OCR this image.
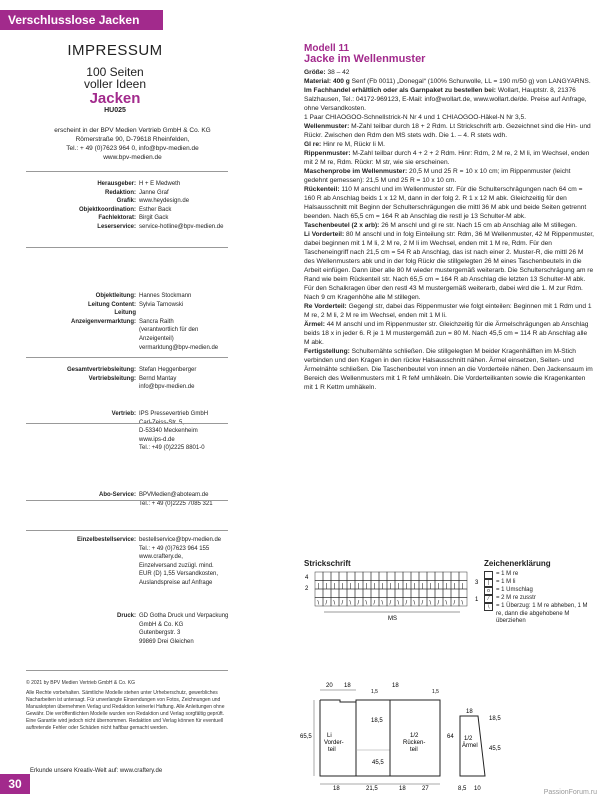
Verschlusslose Jacken
IMPRESSUM
100 Seiten
voller Ideen
Jacken
HU025
erscheint in der BPV Medien Vertrieb GmbH & Co. KG
Römerstraße 90, D-79618 Rheinfelden,
Tel.: + 49 (0)7623 964 0, info@bpv-medien.de
www.bpv-medien.de
Herausgeber: H + E Medweth
Redaktion: Janne Graf
Grafik: www.heydesign.de
Objektkoordination: Esther Back
Fachlektorat: Birgit Gack
Leserservice: service-hotline@bpv-medien.de
Objektleitung: Hannes Stockmann
Leitung Content: Sylvia Tarnowski
Leitung
Anzeigenvermarktung: Sancra Raith
(verantwortlich für den
Anzeigenteil)
vermarktung@bpv-medien.de
Gesamtvertriebsleitung: Stefan Heggenberger
Vertriebsleitung: Bernd Mantay
info@bpv-medien.de
Vertrieb: IPS Pressevertrieb GmbH
Carl-Zeiss-Str. 5,
D-53340 Meckenheim
www.ips-d.de
Tel.: +49 (0)2225 8801-0
Abo-Service: BPVMedien@aboteam.de
Tel.: + 49 (0)2225 7085 321
Einzelbestellservice: bestellservice@bpv-medien.de
Tel.: + 49 (0)7623 964 155
www.craftery.de,
Einzelversand zuzügl. mind.
EUR (D) 1,55 Versandkosten,
Auslandspreise auf Anfrage
Druck: GD Gotha Druck und Verpackung
GmbH & Co. KG
Gutenbergstr. 3
99869 Drei Gleichen
© 2021 by BPV Medien Vertrieb GmbH & Co. KG
Alle Rechte vorbehalten. Sämtliche Modelle stehen unter Urheberschutz, gewerbliches Nacharbeiten ist untersagt. Für unverlangte Einsendungen von Fotos, Zeichnungen und Manuskripten übernehmen Verlag und Redaktion keinerlei Haftung. Alle Anleitungen ohne Gewähr. Die veröffentlichten Modelle wurden von Redaktion und Verlag sorgfältig geprüft. Eine Garantie wird jedoch nicht übernommen. Redaktion und Verlag können für eventuell auftretende Fehler oder Schäden nicht haftbar gemacht werden.
Erkunde unsere Kreativ-Welt auf: www.craftery.de
30
Modell 11
Jacke im Wellenmuster

Größe: 38 – 42

Material: 400 g Senf (Fb 0011) „Donegal“ (100% Schurwolle, LL = 190 m/50 g) von LANGYARNS.

Im Fachhandel erhältlich oder als Garnpaket zu bestellen bei: Wollart, Hauptstr. 8, 21376 Salzhausen, Tel.: 04172-969123, E-Mail: info@wollart.de, www.wollart.de/de. Preise auf Anfrage, ohne Versandkosten.

1 Paar CHIAOGOO-Schnellstrick-N Nr 4 und 1 CHIAOGOO-Häkel-N Nr 3,5.

Wellenmuster: M-Zahl teilbar durch 18 + 2 Rdm. Lt Strickschrift arb. Gezeichnet sind die Hin- und Rückr. Zwischen den Rdm den MS stets wdh. Die 1. – 4. R stets wdh.

Gl re: Hinr re M, Rückr li M.

Rippenmuster: M-Zahl teilbar durch 4 + 2 + 2 Rdm. Hinr: Rdm, 2 M re, 2 M li, im Wechsel, enden mit 2 M re, Rdm. Rückr: M str, wie sie erscheinen.

Maschenprobe im Wellenmuster: 20,5 M und 25 R = 10 x 10 cm; im Rippenmuster (leicht gedehnt gemessen): 21,5 M und 25 R = 10 x 10 cm.

Rückenteil: 110 M anschl und im Wellenmuster str. Für die Schulterschrägungen nach 64 cm = 160 R ab Anschlag beids 1 x 12 M, dann in der folg 2. R 1 x 12 M abk. Gleichzeitig für den Halsausschnitt mit Beginn der Schulterschrägungen die mittl 36 M abk und beide Seiten getrennt beenden. Nach 65,5 cm = 164 R ab Anschlag die restl je 13 Schulter-M abk.

Taschenbeutel (2 x arb): 26 M anschl und gl re str. Nach 15 cm ab Anschlag alle M stillegen.

Li Vorderteil: 80 M anschl und in folg Einteilung str: Rdm, 36 M Wellenmuster, 42 M Rippenmuster, dabei beginnen mit 1 M li, 2 M re, 2 M li im Wechsel, enden mit 1 M re, Rdm. Für den Tascheneingriff nach 21,5 cm = 54 R ab Anschlag, das ist nach einer 2. Muster-R, die mittl 26 M des Wellenmusters abk und in der folg Rückr die stillgelegten 26 M eines Taschenbeutels in die Arbeit einfügen. Dann über alle 80 M wieder mustergemäß weiterarb. Die Schulterschrägung am re Rand wie beim Rückenteil str. Nach 65,5 cm = 164 R ab Anschlag die letzten 13 Schulter-M abk. Für den Schalkragen über den restl 43 M mustergemäß weiterarb, dabei wird die 1. M zur Rdm. Nach 9 cm Kragenhöhe alle M stillegen.

Re Vorderteil: Gegengl str, dabei das Rippenmuster wie folgt einteilen: Beginnen mit 1 Rdm und 1 M re, 2 M li, 2 M re im Wechsel, enden mit 1 M li.

Ärmel: 44 M anschl und im Rippenmuster str. Gleichzeitig für die Ärmelschrägungen ab Anschlag beids 18 x in jeder 6. R je 1 M mustergemäß zun = 80 M. Nach 45,5 cm = 114 R ab Anschlag alle M abk.

Fertigstellung: Schulternähte schließen. Die stillgelegten M beider Kragenhälften im M-Stich verbinden und den Kragen in den rückw Halsausschnitt nähen. Ärmel einsetzen, Seiten- und Ärmelnähte schließen. Die Taschenbeutel von innen an die Vorderteile nähen. Den Jackensaum im Bereich des Wellenmusters mit 1 R feM umhäkeln. Die Vorderteilkanten sowie die Kragenkanten mit 1 R Kettm umhäkeln.

Strickschrift
| | | | | | | | | | | | | | | | | | |
\ / \ / \ / \ / \ / \ / \ / \ / \ / \
4
2
3
1
MS
Zeichenerklärung
= 1 M re
|	= 1 M li
o	= 1 Umschlag
⁄	= 2 M re zusstr
∖ = 1 Überzug: 1 M re abheben, 1 M re, dann die abgehobene M überziehen
20 18
1,5
Li
Vorder-
teil
65,5
18,5
45,5
18	21,5
1/2
Rücken-
teil
64
18
1,5
18	27
18
1/2
Ärmel 45,5
8,5 10
18,5
PassionForum.ru
